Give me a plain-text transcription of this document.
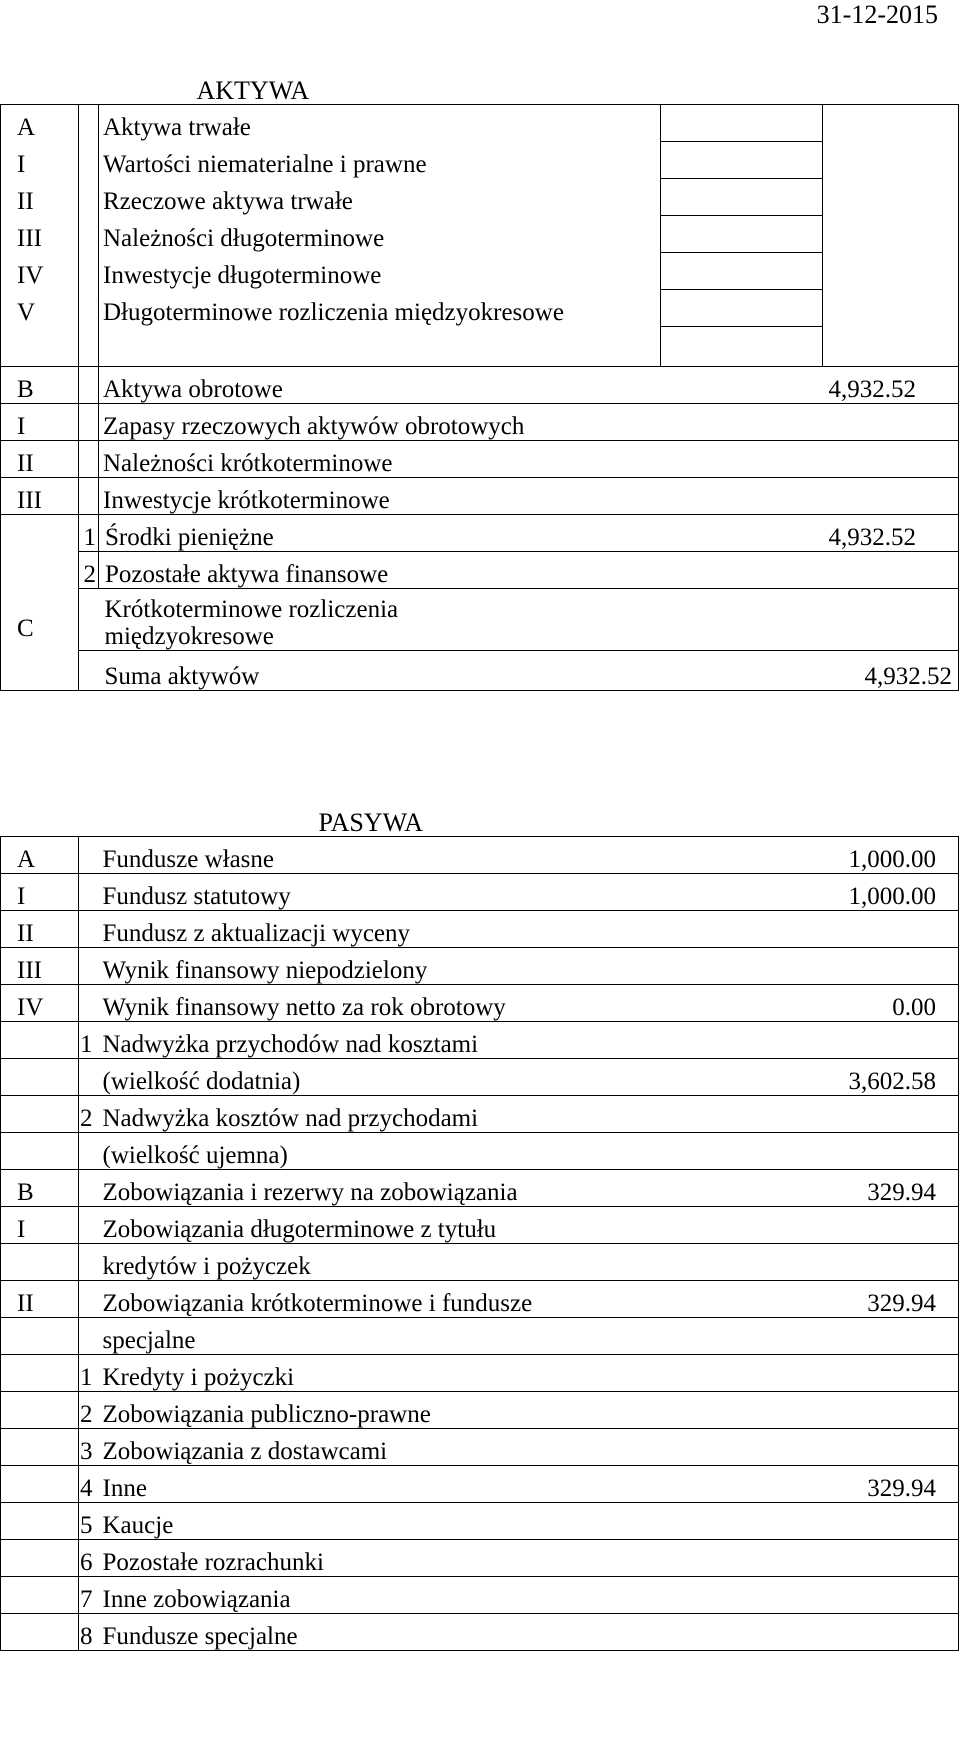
31-12-2015
		AKTYWA		
A		Aktywa trwałe		
I		Wartości niematerialne i prawne		
II		Rzeczowe aktywa trwałe		
III		Należności długoterminowe		
IV		Inwestycje długoterminowe		
V		Długoterminowe rozliczenia międzyokresowe		

B		Aktywa obrotowe	4,932.52	
I		Zapasy rzeczowych aktywów obrotowych		
II		Należności krótkoterminowe		
III		Inwestycje krótkoterminowe		
	1	Środki pieniężne	4,932.52	
	2	Pozostałe aktywa finansowe		
C		Krótkoterminowe rozliczenia międzyokresowe		
		Suma aktywów	4,932.52	
		PASYWA	
A		Fundusze własne	1,000.00

I		Fundusz statutowy	1,000.00

II		Fundusz z aktualizacji wyceny	
III		Wynik finansowy niepodzielony	
IV		Wynik finansowy netto za rok obrotowy	0.00

	1	Nadwyżka przychodów nad kosztami	
		(wielkość dodatnia)	3,602.58

	2	Nadwyżka kosztów nad przychodami	
		(wielkość ujemna)	
B		Zobowiązania i rezerwy na zobowiązania	329.94

I		Zobowiązania długoterminowe z tytułu	
		kredytów i pożyczek	
II		Zobowiązania krótkoterminowe i fundusze	329.94

		specjalne	
	1	Kredyty i pożyczki	
	2	Zobowiązania publiczno-prawne	
	3	Zobowiązania z dostawcami	
	4	Inne	329.94

	5	Kaucje	
	6	Pozostałe rozrachunki	
	7	Inne zobowiązania	
	8	Fundusze specjalne	
